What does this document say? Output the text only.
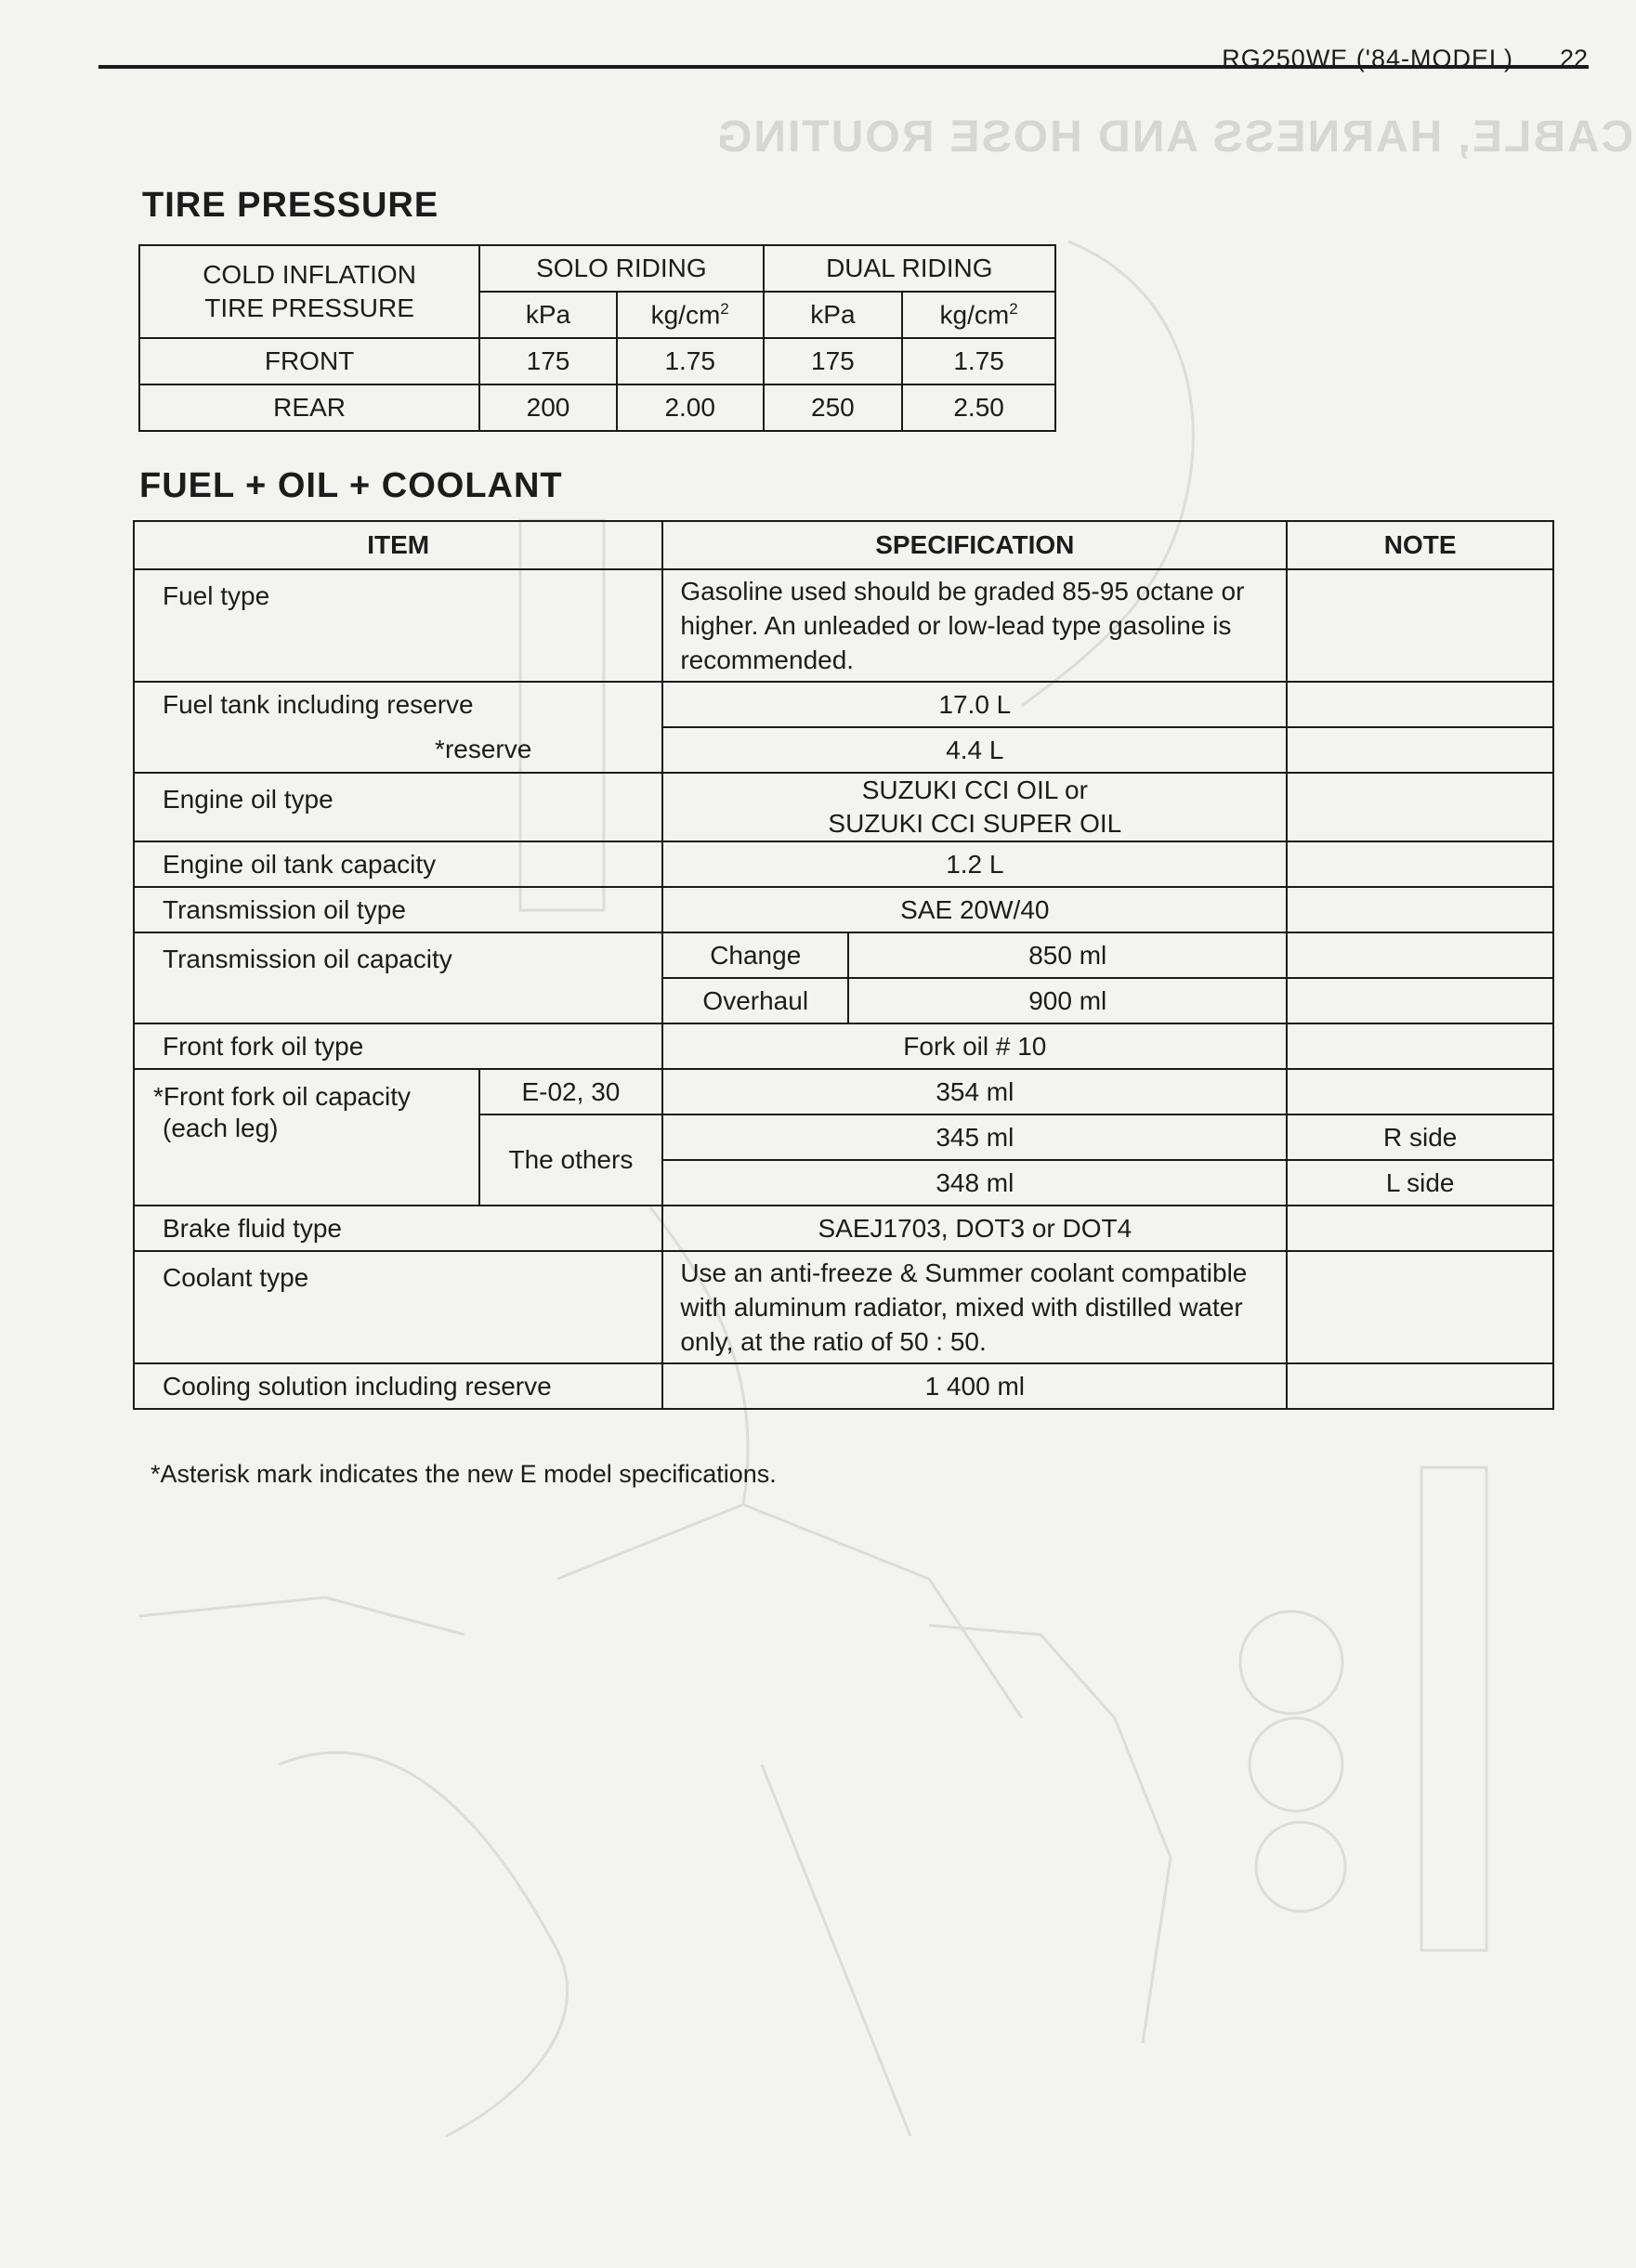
CABLE, HARNESS AND HOSE ROUTING
RG250WE ('84-MODEL) 22
TIRE PRESSURE
COLD INFLATION
TIRE PRESSURE	SOLO RIDING		DUAL RIDING	
	kPa	$kg/cm^2$	kPa	$kg/cm^2$
FRONT	175	1.75	175	1.75
REAR	200	2.00	250	2.50
FUEL + OIL + COOLANT
ITEM		SPECIFICATION		NOTE
Fuel type		Gasoline used should be graded 85-95 octane or higher. An unleaded or low-lead type gasoline is recommended.		
Fuel tank including reserve		17.0 L		
*reserve		4.4 L		
Engine oil type		SUZUKI CCI OIL or
SUZUKI CCI SUPER OIL		

Engine oil tank capacity		1.2 L		
Transmission oil type		SAE 20W/40		
Transmission oil capacity		Change	850 ml	
		Overhaul	900 ml	
Front fork oil type		Fork oil # 10		

*Front fork oil capacity
(each leg)	E-02, 30	354 ml		
	The others	345 ml		R side
		348 ml		L side
Brake fluid type		SAEJ1703, DOT3 or DOT4		
Coolant type		Use an anti-freeze & Summer coolant compatible with aluminum radiator, mixed with distilled water only, at the ratio of 50 : 50.		
Cooling solution including reserve		1 400 ml		
*Asterisk mark indicates the new E model specifications.
